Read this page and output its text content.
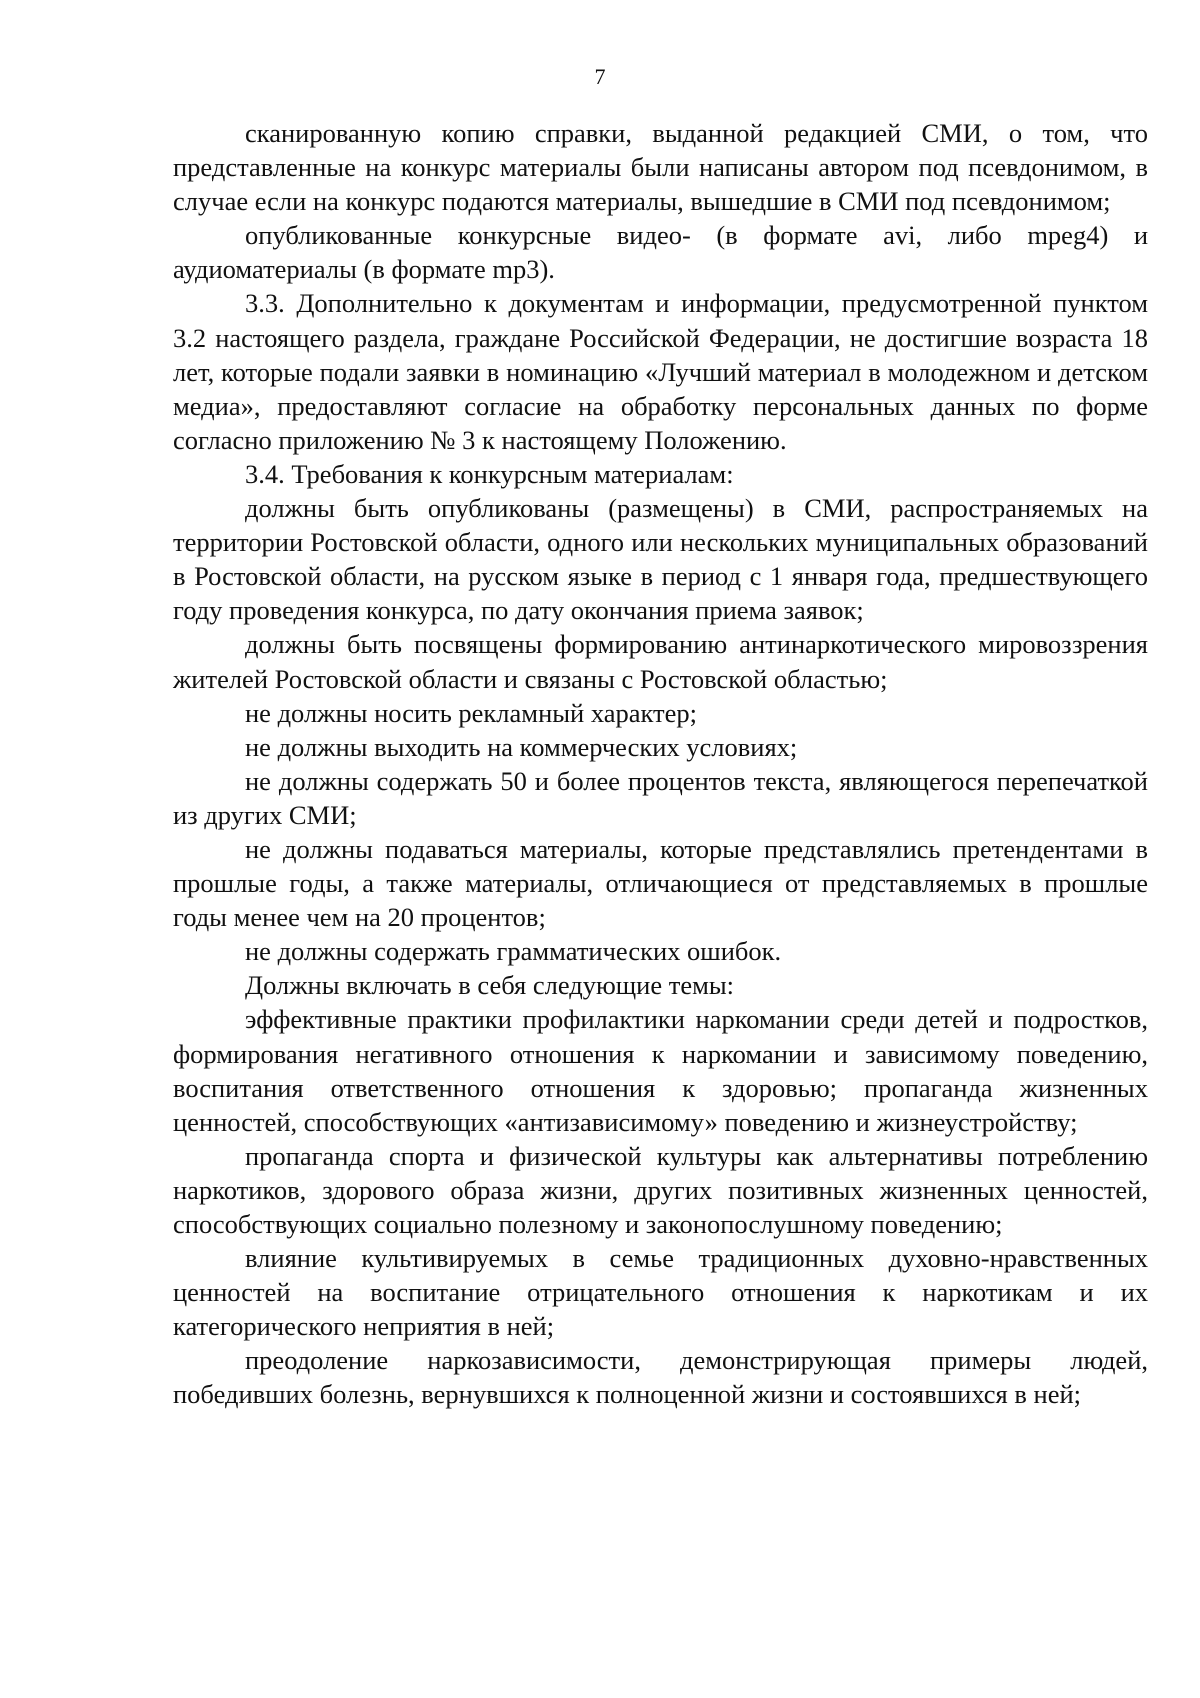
7

сканированную копию справки, выданной редакцией СМИ, о том, что представленные на конкурс материалы были написаны автором под псевдонимом, в случае если на конкурс подаются материалы, вышедшие в СМИ под псевдонимом;

опубликованные конкурсные видео- (в формате avi, либо mpeg4) и аудиоматериалы (в формате mp3).

3.3. Дополнительно к документам и информации, предусмотренной пунктом 3.2 настоящего раздела, граждане Российской Федерации, не достигшие возраста 18 лет, которые подали заявки в номинацию «Лучший материал в молодежном и детском медиа», предоставляют согласие на обработку персональных данных по форме согласно приложению № 3 к настоящему Положению.

3.4. Требования к конкурсным материалам:

должны быть опубликованы (размещены) в СМИ, распространяемых на территории Ростовской области, одного или нескольких муниципальных образований в Ростовской области, на русском языке в период с 1 января года, предшествующего году проведения конкурса, по дату окончания приема заявок;

должны быть посвящены формированию антинаркотического мировоззрения жителей Ростовской области и связаны с Ростовской областью;

не должны носить рекламный характер;

не должны выходить на коммерческих условиях;

не должны содержать 50 и более процентов текста, являющегося перепечаткой из других СМИ;

не должны подаваться материалы, которые представлялись претендентами в прошлые годы, а также материалы, отличающиеся от представляемых в прошлые годы менее чем на 20 процентов;

не должны содержать грамматических ошибок.

Должны включать в себя следующие темы:

эффективные практики профилактики наркомании среди детей и подростков, формирования негативного отношения к наркомании и зависимому поведению, воспитания ответственного отношения к здоровью; пропаганда жизненных ценностей, способствующих «антизависимому» поведению и жизнеустройству;

пропаганда спорта и физической культуры как альтернативы потреблению наркотиков, здорового образа жизни, других позитивных жизненных ценностей, способствующих социально полезному и законопослушному поведению;

влияние культивируемых в семье традиционных духовно-нравственных ценностей на воспитание отрицательного отношения к наркотикам и их категорического неприятия в ней;

преодоление наркозависимости, демонстрирующая примеры людей, победивших болезнь, вернувшихся к полноценной жизни и состоявшихся в ней;
